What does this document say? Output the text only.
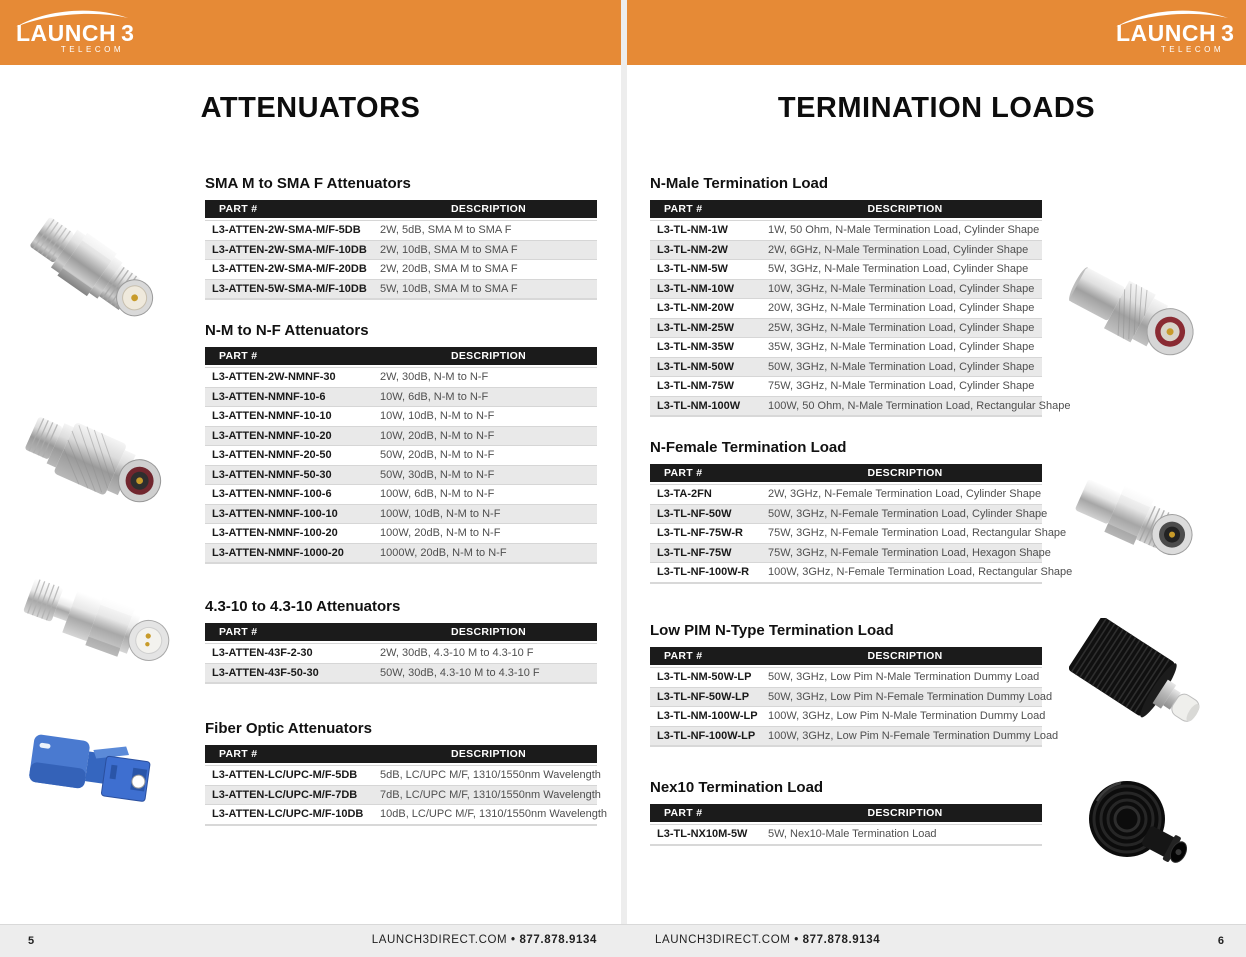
LAUNCH 3
TELECOM
ATTENUATORS
SMA M to SMA F Attenuators
PART #	DESCRIPTION
L3-ATTEN-2W-SMA-M/F-5DB	2W, 5dB, SMA M to SMA F
L3-ATTEN-2W-SMA-M/F-10DB	2W, 10dB, SMA M to SMA F
L3-ATTEN-2W-SMA-M/F-20DB	2W, 20dB, SMA M to SMA F
L3-ATTEN-5W-SMA-M/F-10DB	5W, 10dB, SMA M to SMA F
N-M to N-F Attenuators
PART #	DESCRIPTION
L3-ATTEN-2W-NMNF-30	2W, 30dB, N-M to N-F
L3-ATTEN-NMNF-10-6	10W, 6dB, N-M to N-F
L3-ATTEN-NMNF-10-10	10W, 10dB, N-M to N-F
L3-ATTEN-NMNF-10-20	10W, 20dB, N-M to N-F
L3-ATTEN-NMNF-20-50	50W, 20dB, N-M to N-F
L3-ATTEN-NMNF-50-30	50W, 30dB, N-M to N-F
L3-ATTEN-NMNF-100-6	100W, 6dB, N-M to N-F
L3-ATTEN-NMNF-100-10	100W, 10dB, N-M to N-F
L3-ATTEN-NMNF-100-20	100W, 20dB, N-M to N-F
L3-ATTEN-NMNF-1000-20	1000W, 20dB, N-M to N-F
4.3-10 to 4.3-10 Attenuators
PART #	DESCRIPTION
L3-ATTEN-43F-2-30	2W, 30dB, 4.3-10 M to 4.3-10 F
L3-ATTEN-43F-50-30	50W, 30dB, 4.3-10 M to 4.3-10 F
Fiber Optic Attenuators
PART #	DESCRIPTION
L3-ATTEN-LC/UPC-M/F-5DB	5dB, LC/UPC M/F, 1310/1550nm Wavelength
L3-ATTEN-LC/UPC-M/F-7DB	7dB, LC/UPC M/F, 1310/1550nm Wavelength
L3-ATTEN-LC/UPC-M/F-10DB	10dB, LC/UPC M/F, 1310/1550nm Wavelength
LAUNCH 3
TELECOM
TERMINATION LOADS
N-Male Termination Load
PART #	DESCRIPTION
L3-TL-NM-1W	1W, 50 Ohm, N-Male Termination Load, Cylinder Shape
L3-TL-NM-2W	2W, 6GHz, N-Male Termination Load, Cylinder Shape
L3-TL-NM-5W	5W, 3GHz, N-Male Termination Load, Cylinder Shape
L3-TL-NM-10W	10W, 3GHz, N-Male Termination Load, Cylinder Shape
L3-TL-NM-20W	20W, 3GHz, N-Male Termination Load, Cylinder Shape
L3-TL-NM-25W	25W, 3GHz, N-Male Termination Load, Cylinder Shape
L3-TL-NM-35W	35W, 3GHz, N-Male Termination Load, Cylinder Shape
L3-TL-NM-50W	50W, 3GHz, N-Male Termination Load, Cylinder Shape
L3-TL-NM-75W	75W, 3GHz, N-Male Termination Load, Cylinder Shape
L3-TL-NM-100W	100W, 50 Ohm, N-Male Termination Load, Rectangular Shape
N-Female Termination Load
PART #	DESCRIPTION
L3-TA-2FN	2W, 3GHz, N-Female Termination Load, Cylinder Shape
L3-TL-NF-50W	50W, 3GHz, N-Female Termination Load, Cylinder Shape
L3-TL-NF-75W-R	75W, 3GHz, N-Female Termination Load, Rectangular Shape
L3-TL-NF-75W	75W, 3GHz, N-Female Termination Load, Hexagon Shape
L3-TL-NF-100W-R	100W, 3GHz, N-Female Termination Load, Rectangular Shape
Low PIM N-Type Termination Load
PART #	DESCRIPTION
L3-TL-NM-50W-LP	50W, 3GHz, Low Pim N-Male Termination Dummy Load
L3-TL-NF-50W-LP	50W, 3GHz, Low Pim N-Female Termination Dummy Load
L3-TL-NM-100W-LP 100W, 3GHz, Low Pim N-Male Termination Dummy Load
L3-TL-NF-100W-LP	100W, 3GHz, Low Pim N-Female Termination Dummy Load
Nex10 Termination Load
PART #	DESCRIPTION
L3-TL-NX10M-5W	5W, Nex10-Male Termination Load
5	LAUNCH3DIRECT.COM • 877.878.9134	LAUNCH3DIRECT.COM • 877.878.9134	6
